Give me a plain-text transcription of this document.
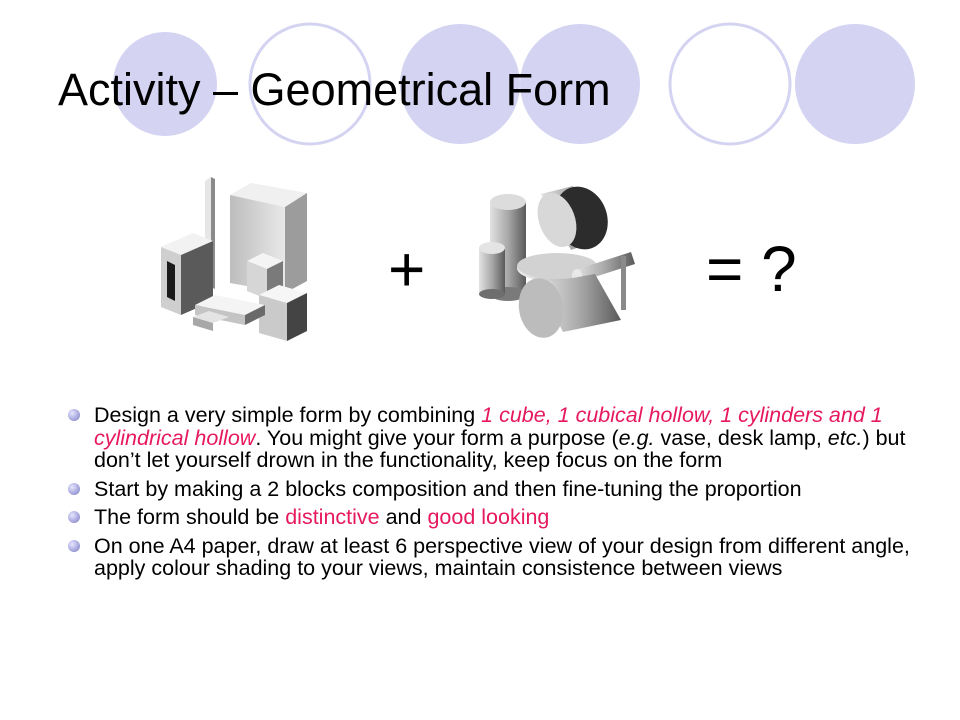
Activity – Geometrical Form
+	= ?
Design a very simple form by combining 1 cube, 1 cubical hollow, 1 cylinders and 1 cylindrical hollow. You might give your form a purpose (e.g. vase, desk lamp, etc.) but don’t let yourself drown in the functionality, keep focus on the form
Start by making a 2 blocks composition and then fine-tuning the proportion
The form should be distinctive and good looking
On one A4 paper, draw at least 6 perspective view of your design from different angle, apply colour shading to your views, maintain consistence between views
